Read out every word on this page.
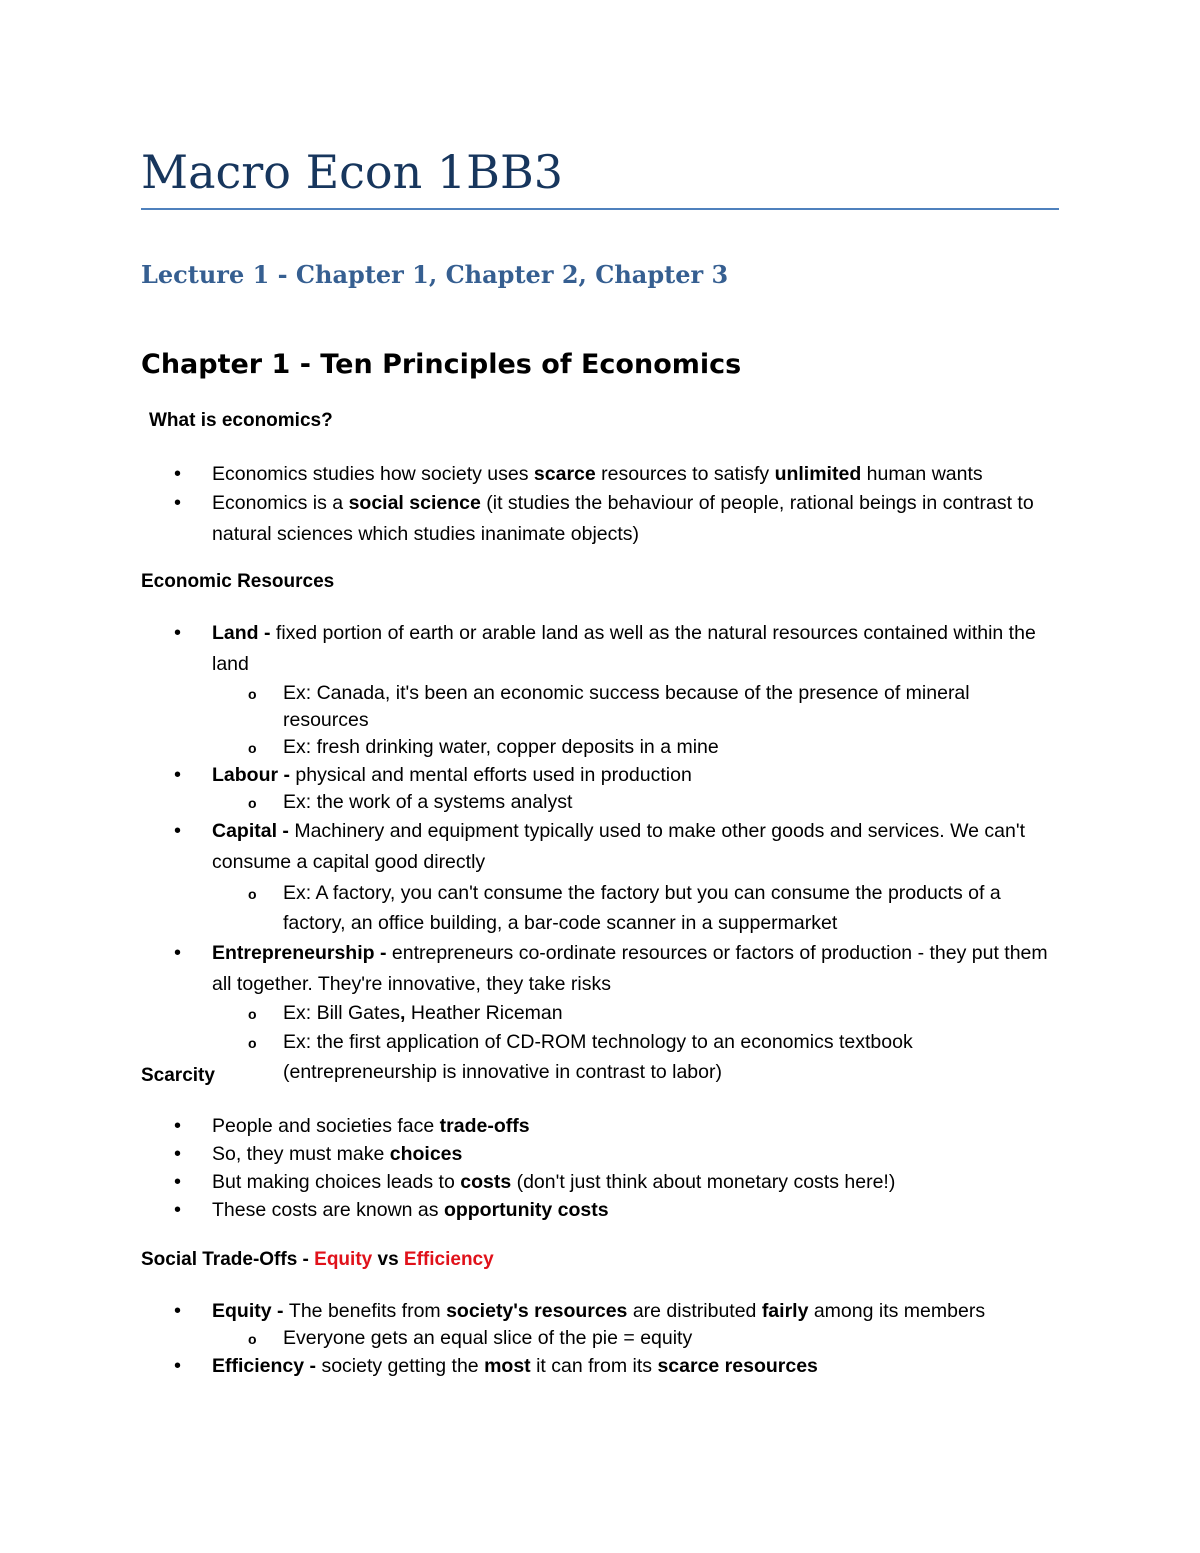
Macro Econ 1BB3
Lecture 1 - Chapter 1, Chapter 2, Chapter 3
Chapter 1 - Ten Principles of Economics
What is economics?
• Economics studies how society uses scarce resources to satisfy unlimited human wants
• Economics is a social science (it studies the behaviour of people, rational beings in contrast to natural sciences which studies inanimate objects)
Economic Resources
• Land - fixed portion of earth or arable land as well as the natural resources contained within the land
o Ex: Canada, it's been an economic success because of the presence of mineral resources
o Ex: fresh drinking water, copper deposits in a mine
• Labour - physical and mental efforts used in production
o Ex: the work of a systems analyst
• Capital - Machinery and equipment typically used to make other goods and services. We can't consume a capital good directly
o Ex: A factory, you can't consume the factory but you can consume the products of a factory, an office building, a bar-code scanner in a suppermarket
• Entrepreneurship - entrepreneurs co-ordinate resources or factors of production - they put them all together. They're innovative, they take risks
o Ex: Bill Gates, Heather Riceman
o Ex: the first application of CD-ROM technology to an economics textbook (entrepreneurship is innovative in contrast to labor)
Scarcity
• People and societies face trade-offs
• So, they must make choices
• But making choices leads to costs (don't just think about monetary costs here!)
• These costs are known as opportunity costs
Social Trade-Offs - Equity vs Efficiency
• Equity - The benefits from society's resources are distributed fairly among its members
o Everyone gets an equal slice of the pie = equity
• Efficiency - society getting the most it can from its scarce resources
